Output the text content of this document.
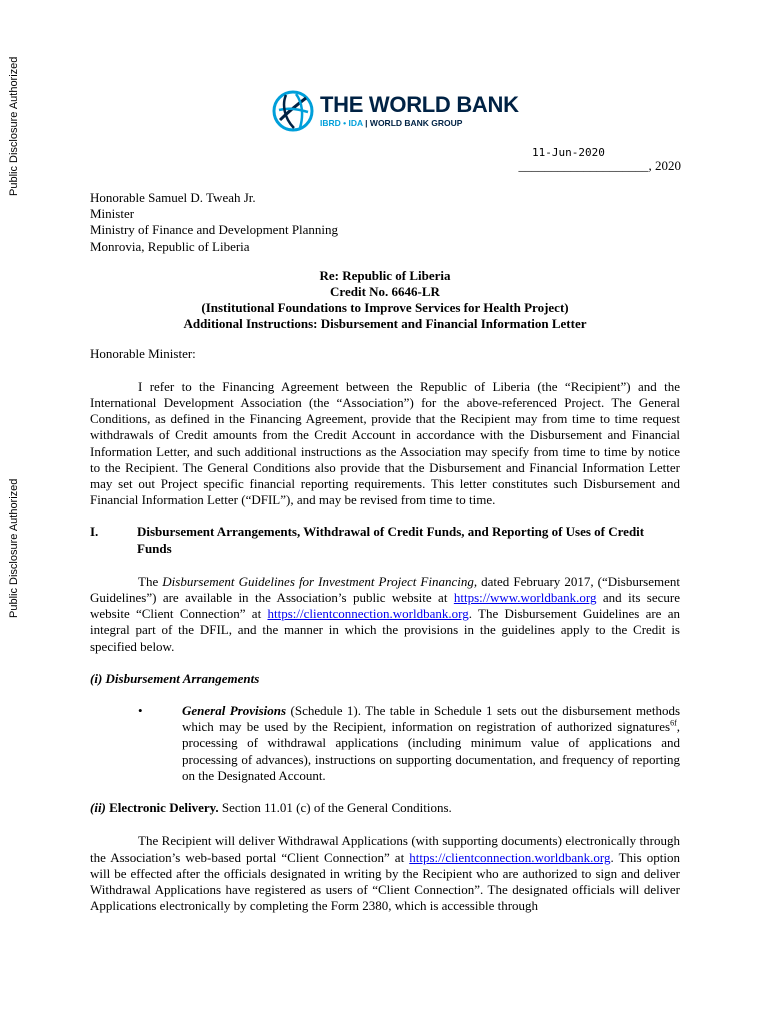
Public Disclosure Authorized
Public Disclosure Authorized
THE WORLD BANK
IBRD • IDA | WORLD BANK GROUP
11-Jun-2020
____________________, 2020
Honorable Samuel D. Tweah Jr.
Minister
Ministry of Finance and Development Planning
Monrovia, Republic of Liberia
Re: Republic of Liberia
Credit No. 6646-LR
(Institutional Foundations to Improve Services for Health Project)
Additional Instructions: Disbursement and Financial Information Letter
Honorable Minister:
I refer to the Financing Agreement between the Republic of Liberia (the “Recipient”) and the International Development Association (the “Association”) for the above-referenced Project. The General Conditions, as defined in the Financing Agreement, provide that the Recipient may from time to time request withdrawals of Credit amounts from the Credit Account in accordance with the Disbursement and Financial Information Letter, and such additional instructions as the Association may specify from time to time by notice to the Recipient. The General Conditions also provide that the Disbursement and Financial Information Letter may set out Project specific financial reporting requirements. This letter constitutes such Disbursement and Financial Information Letter (“DFIL”), and may be revised from time to time.
I.	Disbursement Arrangements, Withdrawal of Credit Funds, and Reporting of Uses of Credit Funds
The Disbursement Guidelines for Investment Project Financing, dated February 2017, (“Disbursement Guidelines”) are available in the Association’s public website at https://www.worldbank.org and its secure website “Client Connection” at https://clientconnection.worldbank.org. The Disbursement Guidelines are an integral part of the DFIL, and the manner in which the provisions in the guidelines apply to the Credit is specified below.
(i) Disbursement Arrangements
•	General Provisions (Schedule 1). The table in Schedule 1 sets out the disbursement methods which may be used by the Recipient, information on registration of authorized signatures$^{6f}$, processing of withdrawal applications (including minimum value of applications and processing of advances), instructions on supporting documentation, and frequency of reporting on the Designated Account.
(ii) Electronic Delivery. Section 11.01 (c) of the General Conditions.
The Recipient will deliver Withdrawal Applications (with supporting documents) electronically through the Association’s web-based portal “Client Connection” at https://clientconnection.worldbank.org. This option will be effected after the officials designated in writing by the Recipient who are authorized to sign and deliver Withdrawal Applications have registered as users of “Client Connection”. The designated officials will deliver Applications electronically by completing the Form 2380, which is accessible through
